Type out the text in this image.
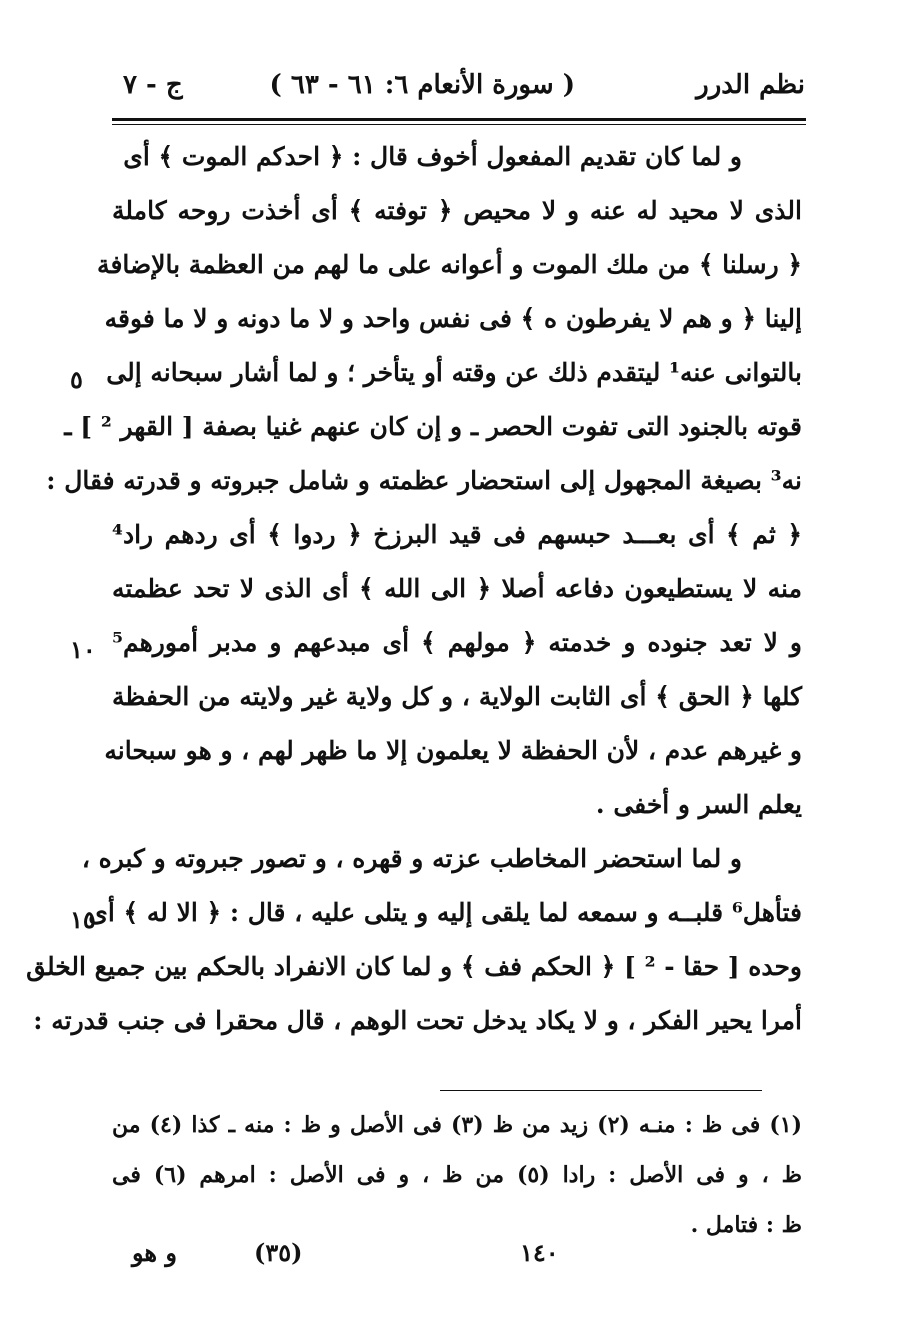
نظم الدرر
( سورة الأنعام ٦: ٦١ - ٦٣ )
ج - ٧
و لما كان تقديم المفعول أخوف قال : ﴿ احدكم الموت ﴾ أى
الذى لا محيد له عنه و لا محيص ﴿ توفته ﴾ أى أخذت روحه كاملة
﴿ رسلنا ﴾ من ملك الموت و أعوانه على ما لهم من العظمة بالإضافة
إلينا ﴿ و هم لا يفرطون ه ﴾ فى نفس واحد و لا ما دونه و لا ما فوقه
بالتوانى عنه¹ ليتقدم ذلك عن وقته أو يتأخر ؛ و لما أشار سبحانه إلى
قوته بالجنود التى تفوت الحصر ـ و إن كان عنهم غنيا بصفة [ القهر ² ] ـ
نه³ بصيغة المجهول إلى استحضار عظمته و شامل جبروته و قدرته فقال :
﴿ ثم ﴾ أى بعـــد حبسهم فى قيد البرزخ ﴿ ردوا ﴾ أى ردهم راد⁴
منه لا يستطيعون دفاعه أصلا ﴿ الى الله ﴾ أى الذى لا تحد عظمته
و لا تعد جنوده و خدمته ﴿ مولهم ﴾ أى مبدعهم و مدبر أمورهم⁵
كلها ﴿ الحق ﴾ أى الثابت الولاية ، و كل ولاية غير ولايته من الحفظة
و غيرهم عدم ، لأن الحفظة لا يعلمون إلا ما ظهر لهم ، و هو سبحانه
يعلم السر و أخفى .
و لما استحضر المخاطب عزته و قهره ، و تصور جبروته و كبره ،
فتأهل⁶ قلبــه و سمعه لما يلقى إليه و يتلى عليه ، قال : ﴿ الا له ﴾ أى
وحده [ حقا - ² ] ﴿ الحكم فف ﴾ و لما كان الانفراد بالحكم بين جميع الخلق
أمرا يحير الفكر ، و لا يكاد يدخل تحت الوهم ، قال محقرا فى جنب قدرته :
٥
١٠
١٥
(١) فى ظ : منـه (٢) زيد من ظ (٣) فى الأصل و ظ : منه ـ كذا (٤) من
ظ ، و فى الأصل : رادا (٥) من ظ ، و فى الأصل : امرهم (٦) فى
ظ : فتامل .
١٤٠
(٣٥)
و هو
